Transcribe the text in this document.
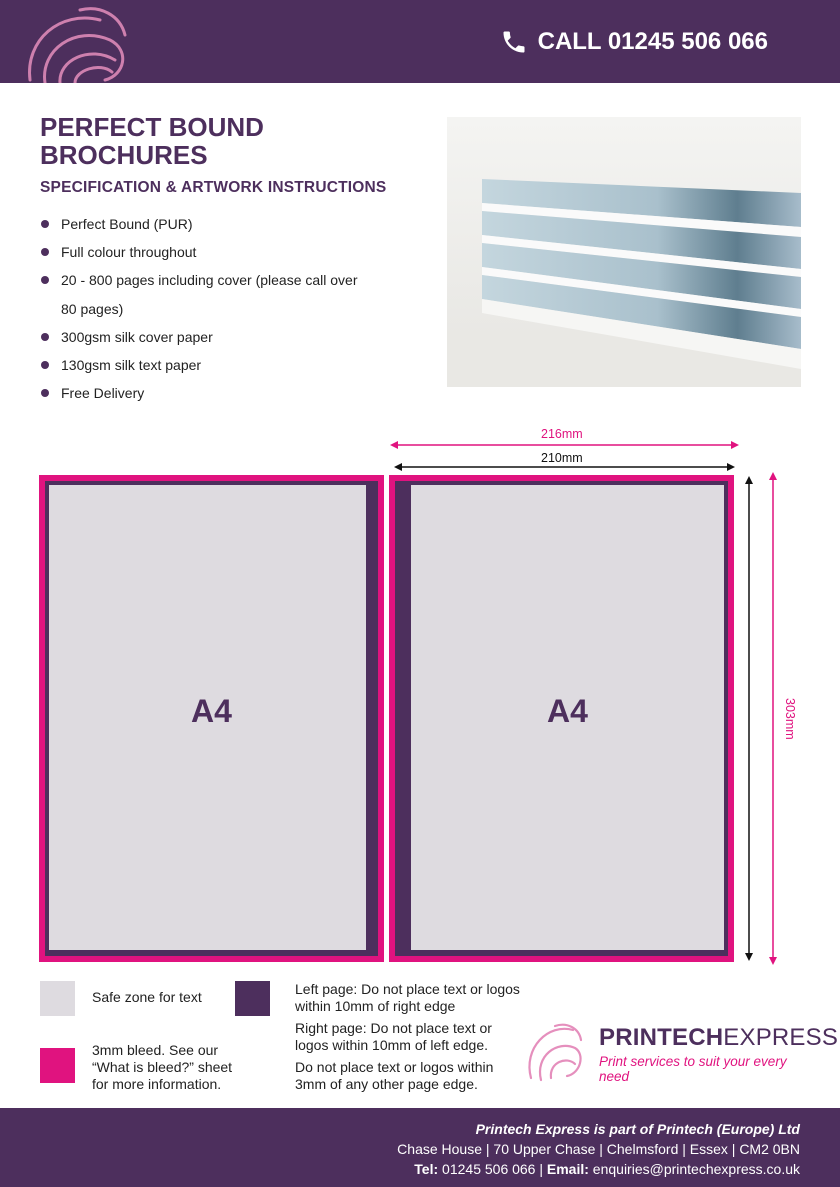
CALL 01245 506 066
PERFECT BOUND
BROCHURES
SPECIFICATION & ARTWORK INSTRUCTIONS
Perfect Bound (PUR)
Full colour throughout
20 - 800 pages including cover (please call over
80 pages)
300gsm silk cover paper
130gsm silk text paper
Free Delivery
216mm
210mm
303mm
A4	A4
Safe zone for text
3mm bleed. See our
“What is bleed?” sheet
for more information.
Left page: Do not place text or logos
within 10mm of right edge
Right page: Do not place text or
logos within 10mm of left edge.
Do not place text or logos within
3mm of any other page edge.
PRINTECHEXPRESS
Print services to suit your every need
Printech Express is part of Printech (Europe) Ltd
Chase House | 70 Upper Chase | Chelmsford | Essex | CM2 0BN
Tel: 01245 506 066 | Email: enquiries@printechexpress.co.uk
